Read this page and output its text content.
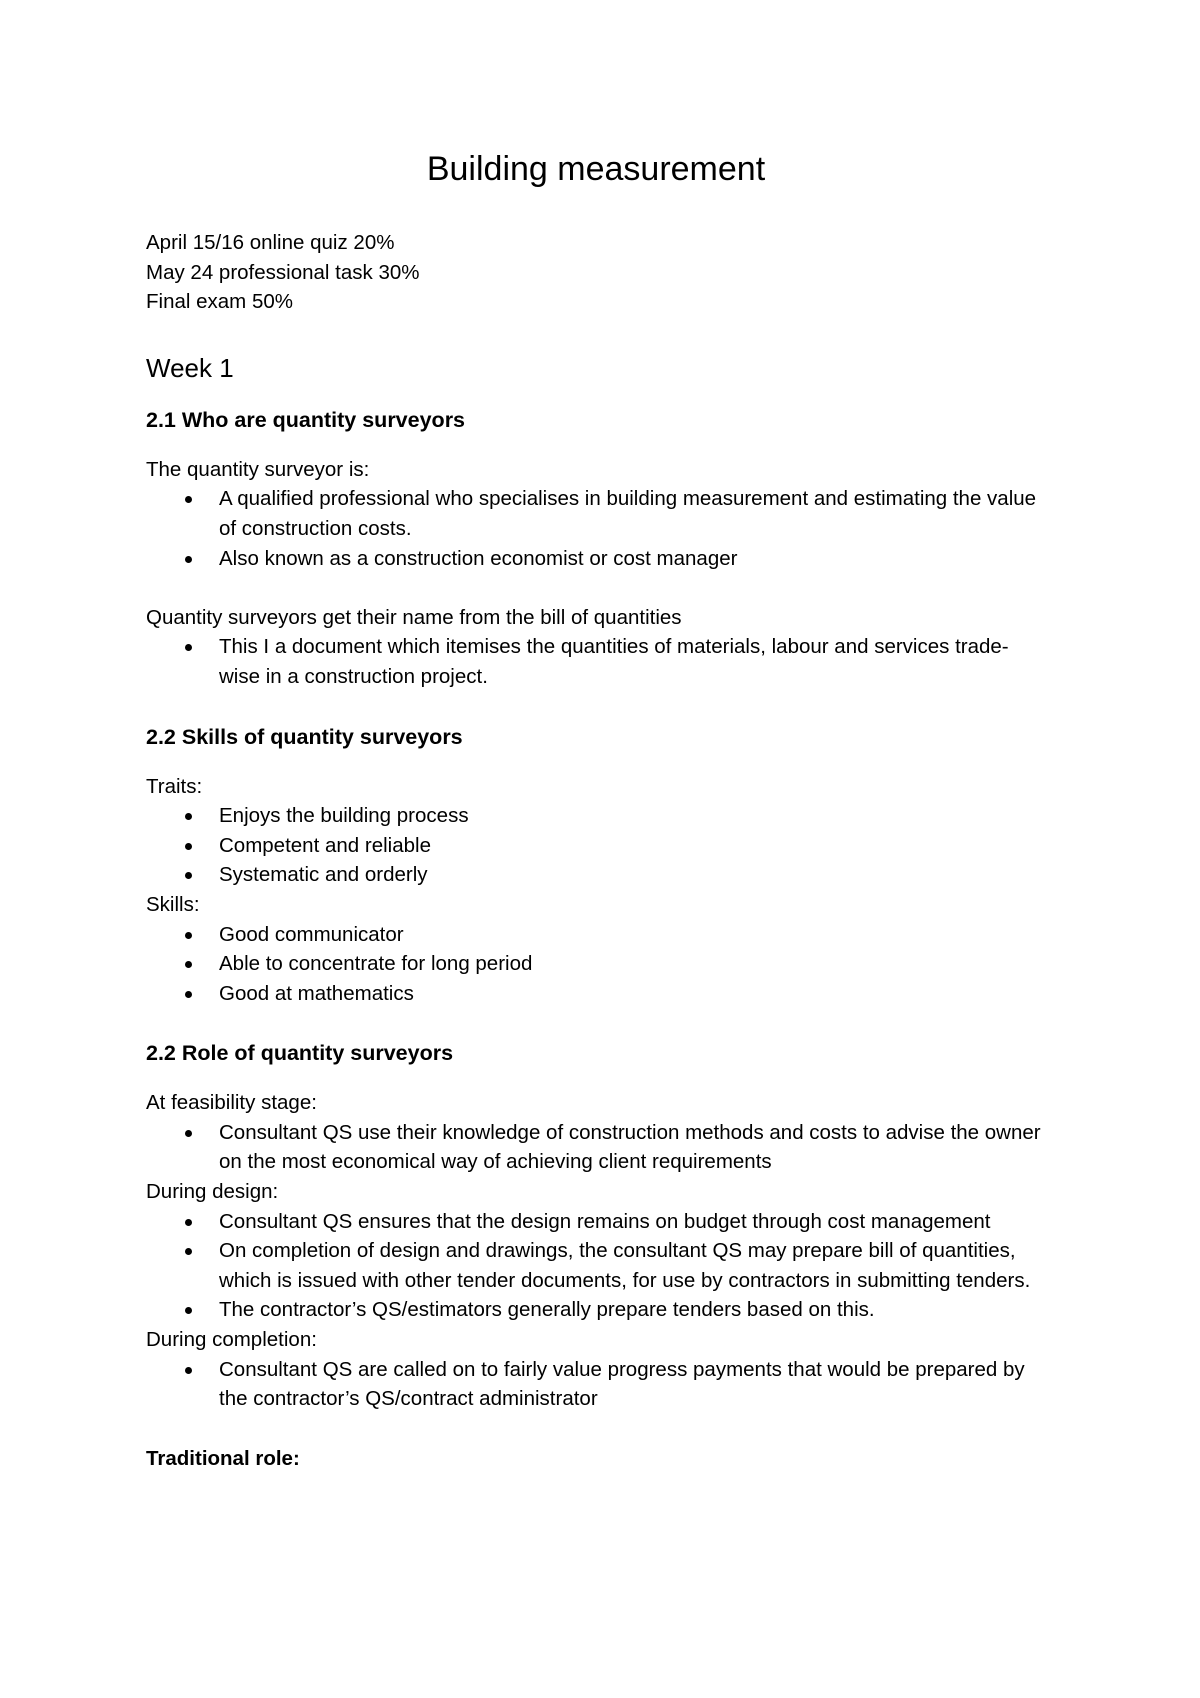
Building measurement

April 15/16 online quiz 20%

May 24 professional task 30%

Final exam 50%

Week 1
2.1 Who are quantity surveyors

The quantity surveyor is:

A qualified professional who specialises in building measurement and estimating the value of construction costs.
Also known as a construction economist or cost manager

Quantity surveyors get their name from the bill of quantities

This I a document which itemises the quantities of materials, labour and services trade-wise in a construction project.
2.2 Skills of quantity surveyors

Traits:

Enjoys the building process
Competent and reliable
Systematic and orderly

Skills:

Good communicator
Able to concentrate for long period
Good at mathematics
2.2 Role of quantity surveyors

At feasibility stage:

Consultant QS use their knowledge of construction methods and costs to advise the owner on the most economical way of achieving client requirements

During design:

Consultant QS ensures that the design remains on budget through cost management
On completion of design and drawings, the consultant QS may prepare bill of quantities, which is issued with other tender documents, for use by contractors in submitting tenders.
The contractor’s QS/estimators generally prepare tenders based on this.

During completion:

Consultant QS are called on to fairly value progress payments that would be prepared by the contractor’s QS/contract administrator

Traditional role:
